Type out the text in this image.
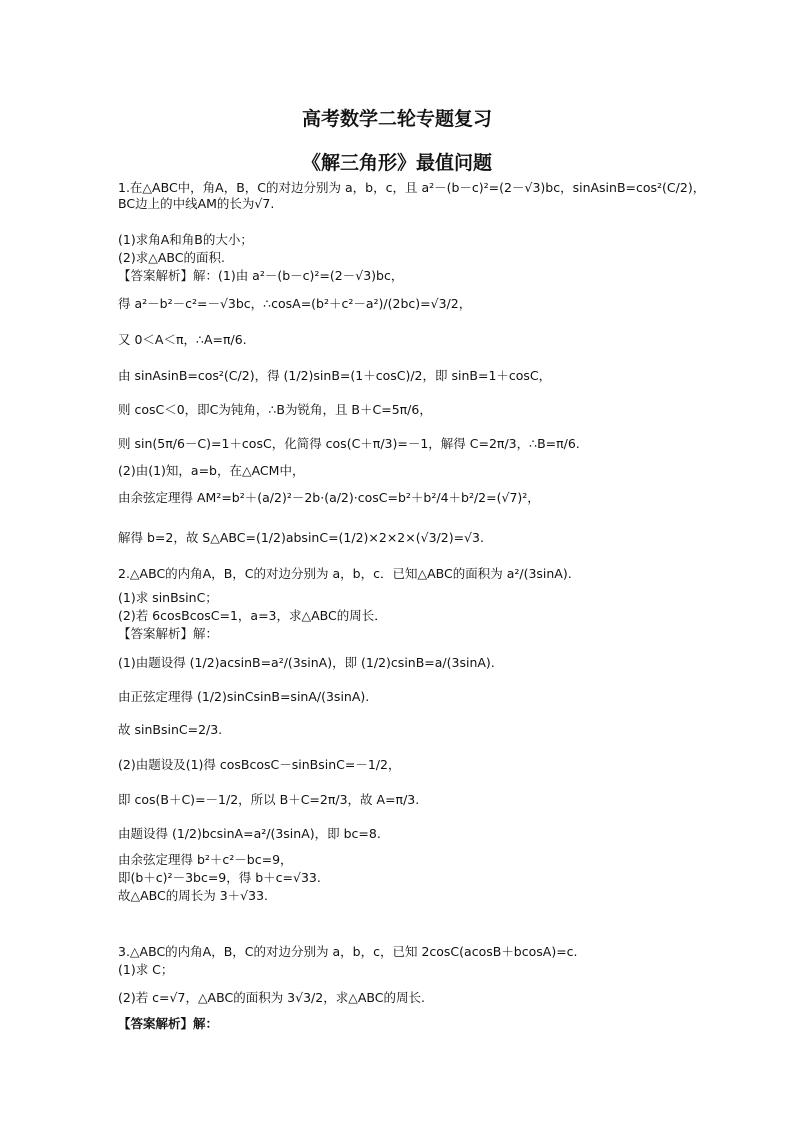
高考数学二轮专题复习
《解三角形》最值问题
1.在△ABC中，角A，B，C的对边分别为 a，b，c，且 a²－(b－c)²=(2－√3)bc，sinAsinB=cos²(C/2)，BC边上的中线AM的长为√7.
(1)求角A和角B的大小；
(2)求△ABC的面积.
【答案解析】解：(1)由 a²－(b－c)²=(2－√3)bc，
得 a²－b²－c²=－√3bc，∴cosA=(b²＋c²－a²)/(2bc)=√3/2，
又 0＜A＜π，∴A=π/6.
由 sinAsinB=cos²(C/2)，得 (1/2)sinB=(1＋cosC)/2，即 sinB=1＋cosC，
则 cosC＜0，即C为钝角，∴B为锐角，且 B＋C=5π/6，
则 sin(5π/6－C)=1＋cosC，化简得 cos(C＋π/3)=－1，解得 C=2π/3，∴B=π/6.
(2)由(1)知，a=b，在△ACM中，
由余弦定理得 AM²=b²＋(a/2)²－2b·(a/2)·cosC=b²＋b²/4＋b²/2=(√7)²，
解得 b=2，故 S△ABC=(1/2)absinC=(1/2)×2×2×(√3/2)=√3.
2.△ABC的内角A，B，C的对边分别为 a，b，c．已知△ABC的面积为 a²/(3sinA).
(1)求 sinBsinC；
(2)若 6cosBcosC=1，a=3，求△ABC的周长．
【答案解析】解：
(1)由题设得 (1/2)acsinB=a²/(3sinA)，即 (1/2)csinB=a/(3sinA).
由正弦定理得 (1/2)sinCsinB=sinA/(3sinA).
故 sinBsinC=2/3.
(2)由题设及(1)得 cosBcosC－sinBsinC=－1/2，
即 cos(B＋C)=－1/2，所以 B＋C=2π/3，故 A=π/3.
由题设得 (1/2)bcsinA=a²/(3sinA)，即 bc=8.
由余弦定理得 b²＋c²－bc=9，
即(b＋c)²－3bc=9，得 b＋c=√33.
故△ABC的周长为 3＋√33.
3.△ABC的内角A，B，C的对边分别为 a，b，c，已知 2cosC(acosB＋bcosA)=c.
(1)求 C；
(2)若 c=√7，△ABC的面积为 3√3/2，求△ABC的周长.
【答案解析】解：
